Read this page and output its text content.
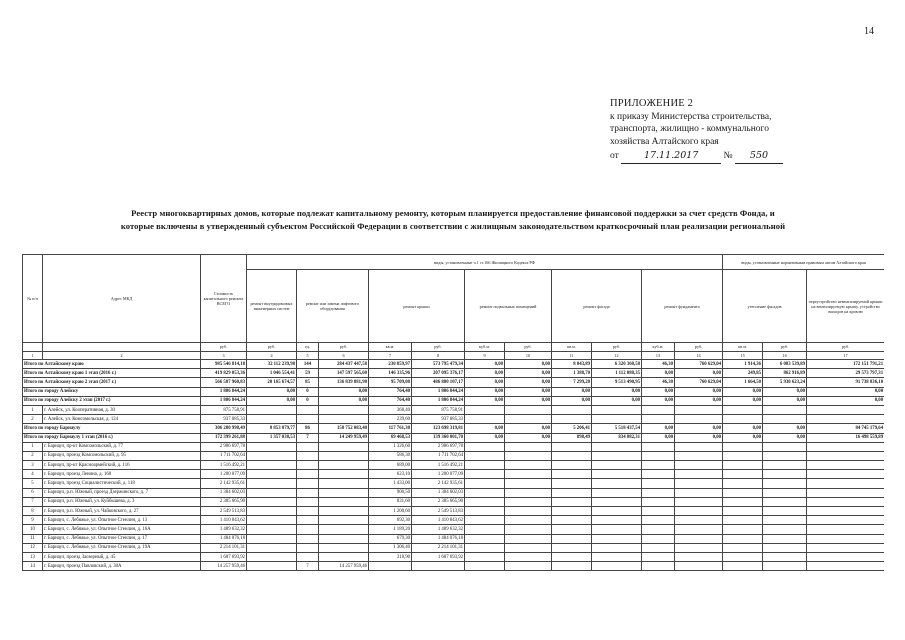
14
ПРИЛОЖЕНИЕ 2
к приказу Министерства строительства,
транспорта, жилищно - коммунального
хозяйства Алтайского края
от	17.11.2017	№ 550
Реестр многоквартирных домов, которые подлежат капитальному ремонту, которым планируется предоставление финансовой поддержки за счет средств Фонда, и
которые включены в утвержденный субъектом Российской Федерации в соответствии с жилищным законодательством краткосрочный план реализации региональной
№ п/п	Адрес МКД	Стоимость капитального ремонта ВСЕГО	виды, установленные ч.1 ст.166 Жилищного Кодекса РФ											виды, установленные нормативным правовым актом Алтайского края		
			ремонт внутридомовых инженерных систем	ремонт или замена лифтового оборудования		ремонт крыши		ремонт подвальных помещений		ремонт фасада		ремонт фундамента		утепление фасадов		переустройство невентилируемой крыши на вентилируемую крышу, устройство выходов на кровлю
		руб.	руб.	ед.	руб.	кв.м.	руб.	куб.м.	руб.	кв.м.	руб.	куб.м.	руб.	кв.м.	руб.	руб.
1	2	3	4	5	6	7	8	9	10	11	12	13	14	15	16	17
Итого по Алтайскому краю		985 546 814,18	32 112 239,98	144	284 437 447,58	230 859,97	573 795 479,34	0,00	0,00	8 043,89	6 320 360,58	46,30	760 629,04	1 914,36	6 083 539,89	172 151 791,21
Итого по Алтайскому краю 1 этап (2016 г.)		419 829 053,36	1 046 554,41	59	147 597 565,60	146 335,96	207 095 376,17	0,00	0,00	1 388,70	1 112 080,35	0,00	0,00	249,85	862 916,89	29 573 797,31
Итого по Алтайскому краю 2 этап (2017 г.)		566 587 960,83	20 165 674,57	85	136 839 881,98	95 709,00	486 880 107,17	0,00	0,00	7 299,20	9 513 490,95	46,30	760 629,04	1 664,50	5 930 623,24	91 738 836,10
Итого по городу Алейску		1 806 844,24	0,00	0	0,00	764,40	1 806 844,24	0,00	0,00	0,00	0,00	0,00	0,00	0,00	0,00	0,00
Итого по городу Алейску 2 этап (2017 г.)		1 806 844,24	0,00	0	0,00	764,40	1 806 844,24	0,00	0,00	0,00	0,00	0,00	0,00	0,00	0,00	0,00
1	г. Алейск, ул. Кооперативная, д. 30	875 758,91				368,40	875 758,91									
2	г. Алейск, ул. Комсомольская, д. 124	937 085,33				239,60	937 085,33									
Итого по городу Барнаулу		306 280 998,49	8 853 079,77	86	158 752 083,40	117 761,30	123 698 319,81	0,00	0,00	5 206,41	5 518 437,54	0,00	0,00	0,00	0,00	84 745 179,64
Итого по городу Барнаулу 1 этап (2016 г.)		172 399 261,88	1 357 038,53	7	14 249 959,49	69 468,53	139 360 001,70	0,00	0,00	898,49	834 882,31	0,00	0,00	0,00	0,00	16 498 559,89
1	г. Барнаул, пр-кт Комсомольский, д. 77	2 986 697,78				1 326,60	2 986 697,78									
2	г. Барнаул, проезд Комсомольский, д. 95	1 711 702,64				586,30	1 711 702,64									
3	г. Барнаул, пр-кт Красноармейский, д. 116	1 516 492,21				689,00	1 516 492,21									
4	г. Барнаул, проезд Ленина, д. 160	1 200 077,09				623,10	1 200 077,09									
5	г. Барнаул, проезд Социалистический, д. 118	2 142 935,61				1 433,00	2 142 935,61									
6	г. Барнаул, р.п. Южный, проезд Дзержинского, д. 7	1 384 602,03				900,50	1 384 602,03									
7	г. Барнаул, р.п. Южный, ул. Куйбышева, д. 3	2 385 665,90				831,60	2 385 665,90									
8	г. Барнаул, р.п. Южный, ул. Чайковского, д. 27	2 549 513,83				1 200,60	2 549 513,83									
9	г. Барнаул, с. Лебяжье, ул. Опытное Стенлин, д. 13	1 410 843,62				692,30	1 410 843,62									
10	г. Барнаул, с. Лебяжье, ул. Опытное Стенлин, д. 16А	1 489 632,32				1 189,20	1 489 632,32									
11	г. Барнаул, с. Лебяжье, ул. Опытное Стенлин, д. 17	1 484 076,18				679,30	1 484 076,18									
12	г. Барнаул, с. Лебяжье, ул. Опытное Стенлин, д. 19А	2 214 101,31				1 306,40	2 214 101,31									
13	г. Барнаул, проезд Заозерный, д. 45	1 687 693,92				318,90	1 687 693,92									
14	г. Барнаул, проезд Павловский, д. 30А	14 257 959,46		7	14 257 959,46											
